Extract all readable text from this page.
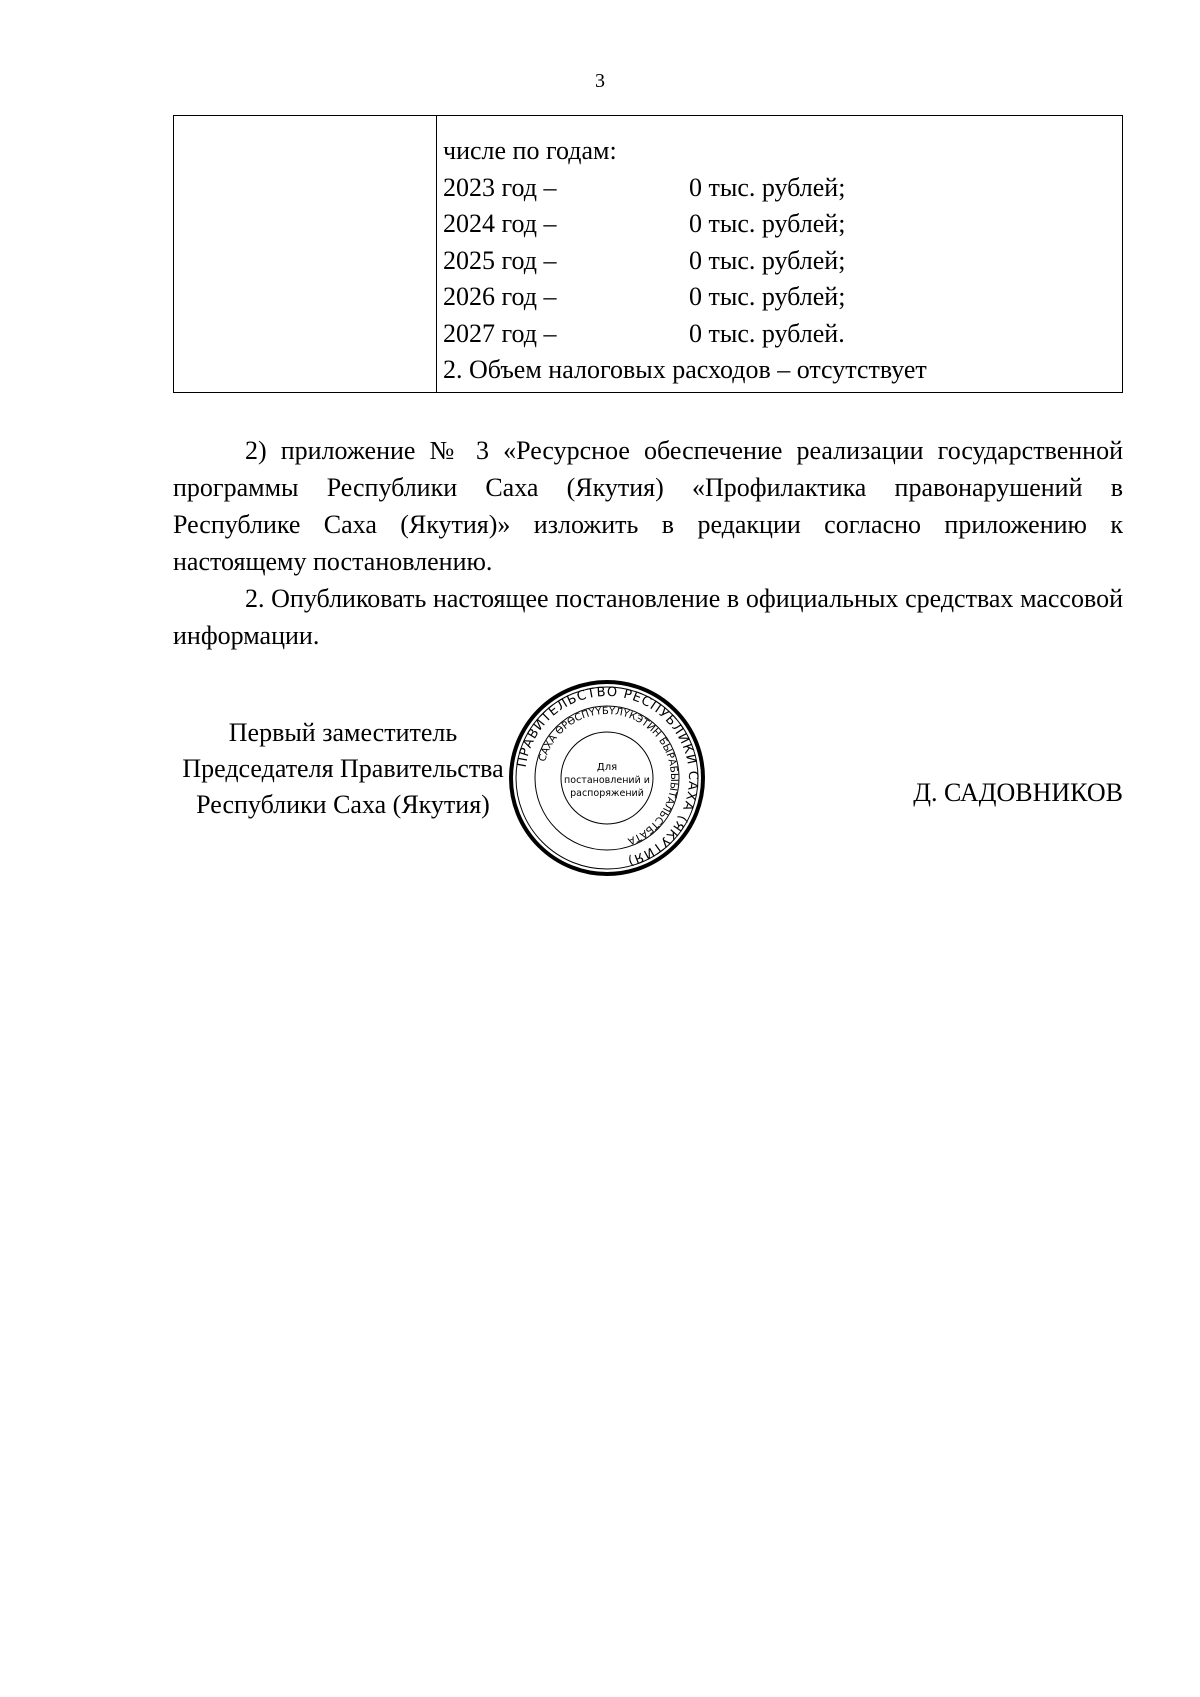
3
числе по годам:
2023 год –	0 тыс. рублей;
2024 год –	0 тыс. рублей;
2025 год –	0 тыс. рублей;
2026 год –	0 тыс. рублей;
2027 год –	0 тыс. рублей.
2. Объем налоговых расходов – отсутствует

2) приложение № 3 «Ресурсное обеспечение реализации государственной программы Республики Саха (Якутия) «Профилактика правонарушений в Республике Саха (Якутия)» изложить в редакции согласно приложению к настоящему постановлению.

2. Опубликовать настоящее постановление в официальных средствах массовой информации.

Первый заместитель
Председателя Правительства
Республики Саха (Якутия)
ПРАВИТЕЛЬСТВО РЕСПУБЛИКИ САХА (ЯКУТИЯ)
САХА ӨРӨСПҮҮБҮЛҮКЭТИН БЫРАБЫЫТАЛЬСТБАТА
Для
постановлений и
распоряжений	Д. САДОВНИКОВ
